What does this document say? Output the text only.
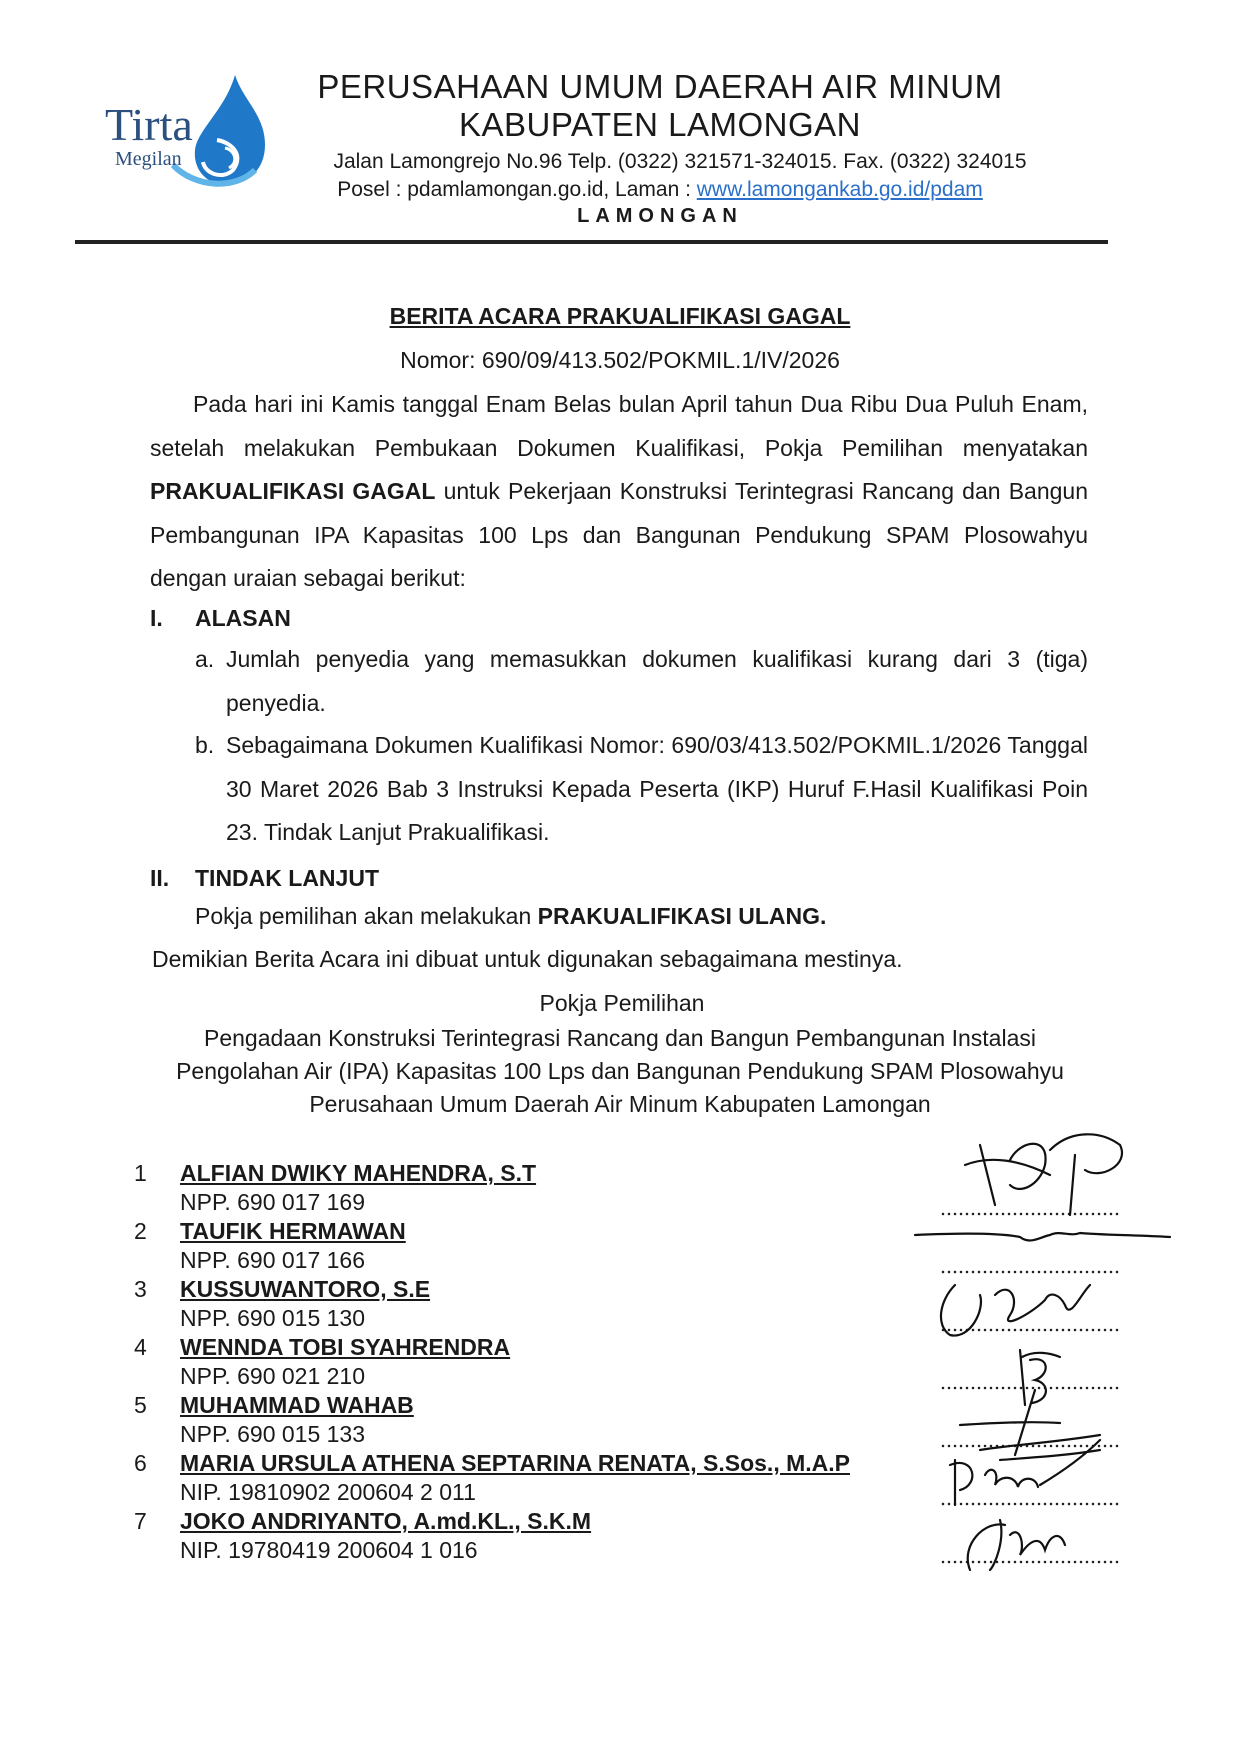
Tirta
Megilan
PERUSAHAAN UMUM DAERAH AIR MINUM
KABUPATEN LAMONGAN
Jalan Lamongrejo No.96 Telp. (0322) 321571-324015. Fax. (0322) 324015
Posel : pdamlamongan.go.id, Laman : www.lamongankab.go.id/pdam
LAMONGAN
BERITA ACARA PRAKUALIFIKASI GAGAL
Nomor: 690/09/413.502/POKMIL.1/IV/2026

Pada hari ini Kamis tanggal Enam Belas bulan April tahun Dua Ribu Dua Puluh Enam, setelah melakukan Pembukaan Dokumen Kualifikasi, Pokja Pemilihan menyatakan PRAKUALIFIKASI GAGAL untuk Pekerjaan Konstruksi Terintegrasi Rancang dan Bangun Pembangunan IPA Kapasitas 100 Lps dan Bangunan Pendukung SPAM Plosowahyu dengan uraian sebagai berikut:

I. ALASAN
a. Jumlah penyedia yang memasukkan dokumen kualifikasi kurang dari 3 (tiga) penyedia.
b. Sebagaimana Dokumen Kualifikasi Nomor: 690/03/413.502/POKMIL.1/2026 Tanggal 30 Maret 2026 Bab 3 Instruksi Kepada Peserta (IKP) Huruf F.Hasil Kualifikasi Poin 23. Tindak Lanjut Prakualifikasi.
II. TINDAK LANJUT
Pokja pemilihan akan melakukan PRAKUALIFIKASI ULANG.
Demikian Berita Acara ini dibuat untuk digunakan sebagaimana mestinya.
Pokja Pemilihan
Pengadaan Konstruksi Terintegrasi Rancang dan Bangun Pembangunan Instalasi Pengolahan Air (IPA) Kapasitas 100 Lps dan Bangunan Pendukung SPAM Plosowahyu Perusahaan Umum Daerah Air Minum Kabupaten Lamongan
1 ALFIAN DWIKY MAHENDRA, S.T
NPP. 690 017 169
2 TAUFIK HERMAWAN
NPP. 690 017 166
3 KUSSUWANTORO, S.E
NPP. 690 015 130
4 WENNDA TOBI SYAHRENDRA
NPP. 690 021 210
5 MUHAMMAD WAHAB
NPP. 690 015 133
6 MARIA URSULA ATHENA SEPTARINA RENATA, S.Sos., M.A.P
NIP. 19810902 200604 2 011
7 JOKO ANDRIYANTO, A.md.KL., S.K.M
NIP. 19780419 200604 1 016
